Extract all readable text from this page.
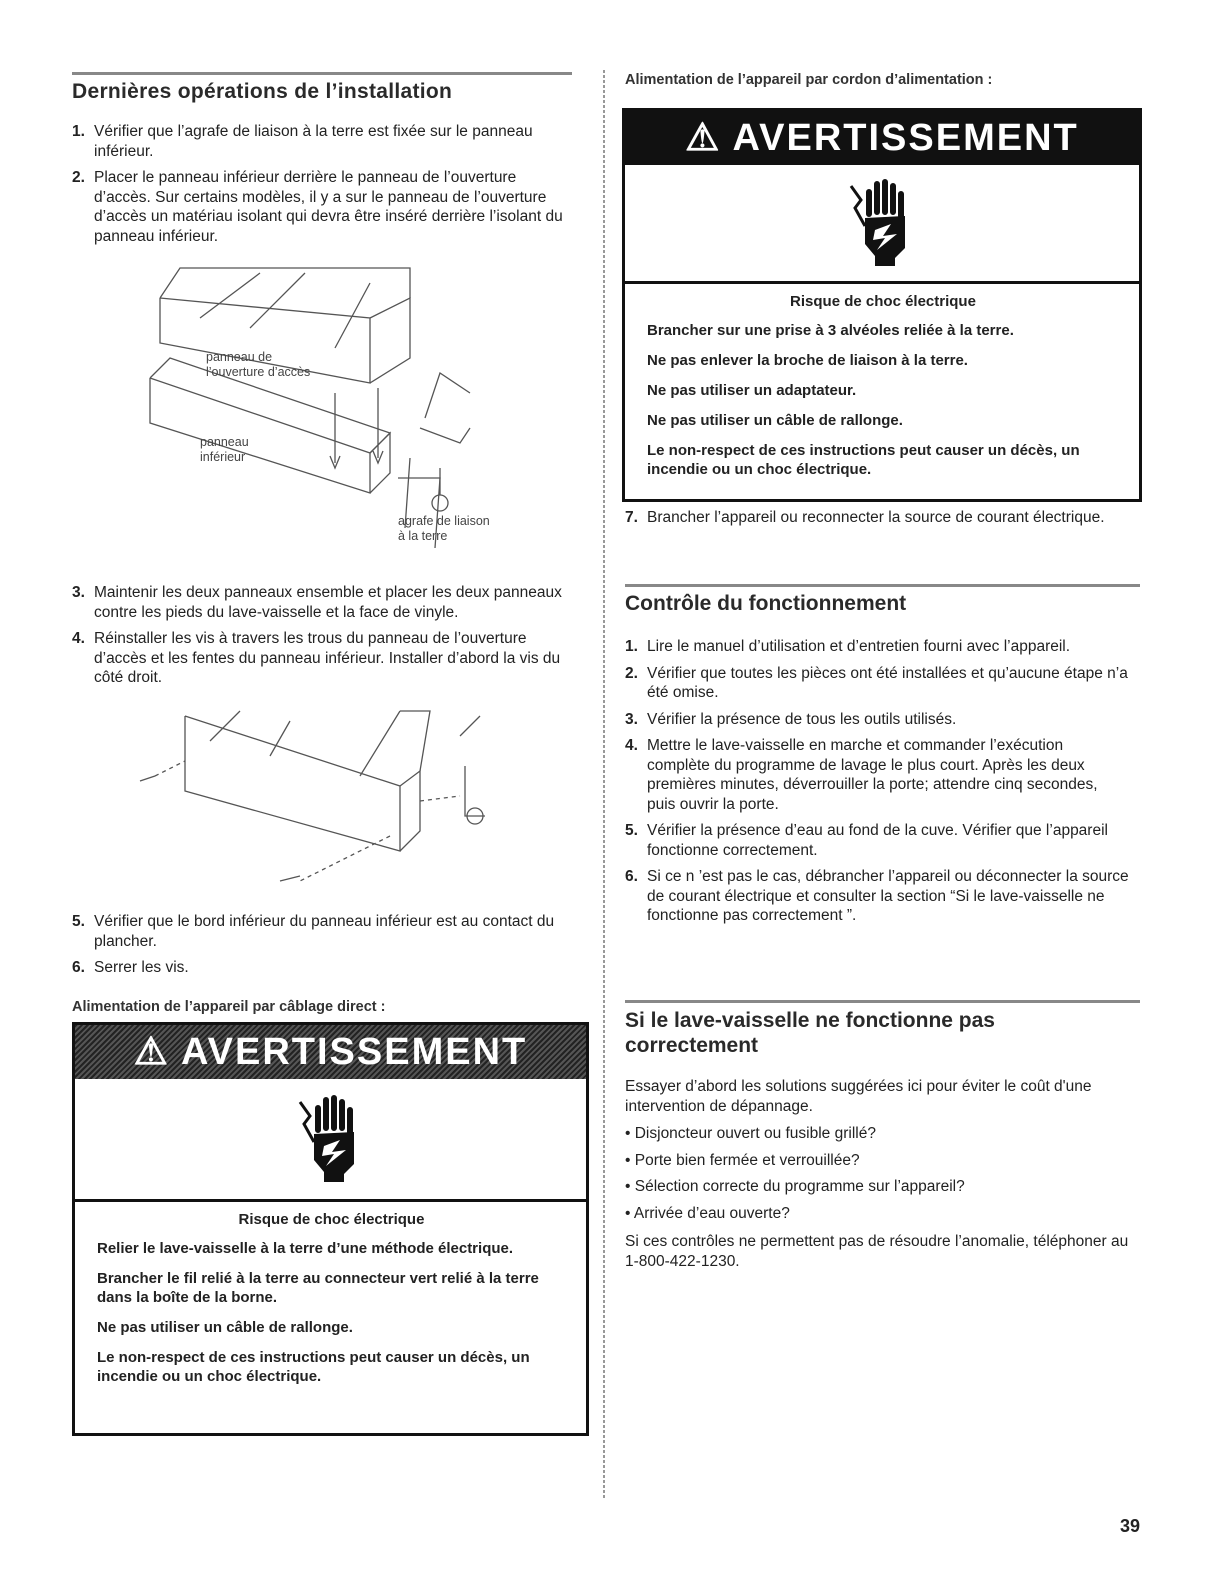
Dernières opérations de l’installation
1. Vérifier que l’agrafe de liaison à la terre est fixée sur le panneau inférieur.
2. Placer le panneau inférieur derrière le panneau de l’ouverture d’accès. Sur certains modèles, il y a sur le panneau de l’ouverture d’accès un matériau isolant qui devra être inséré derrière l’isolant du panneau inférieur.
panneau de
l’ouverture d’accès
panneau
inférieur
agrafe de liaison
à la terre
3. Maintenir les deux panneaux ensemble et placer les deux panneaux contre les pieds du lave-vaisselle et la face de vinyle.
4. Réinstaller les vis à travers les trous du panneau de l’ouverture d’accès et les fentes du panneau inférieur. Installer d’abord la vis du côté droit.
5. Vérifier que le bord inférieur du panneau inférieur est au contact du plancher.
6. Serrer les vis.
Alimentation de l’appareil par câblage direct :
⚠ AVERTISSEMENT
Risque de choc électrique

Relier le lave-vaisselle à la terre d’une méthode électrique.

Brancher le fil relié à la terre au connecteur vert relié à la terre dans la boîte de la borne.

Ne pas utiliser un câble de rallonge.

Le non-respect de ces instructions peut causer un décès, un incendie ou un choc électrique.

Alimentation de l’appareil par cordon d’alimentation :
⚠ AVERTISSEMENT
Risque de choc électrique

Brancher sur une prise à 3 alvéoles reliée à la terre.

Ne pas enlever la broche de liaison à la terre.

Ne pas utiliser un adaptateur.

Ne pas utiliser un câble de rallonge.

Le non-respect de ces instructions peut causer un décès, un incendie ou un choc électrique.

7. Brancher l’appareil ou reconnecter la source de courant électrique.
Contrôle du fonctionnement
1. Lire le manuel d’utilisation et d’entretien fourni avec l’appareil.
2. Vérifier que toutes les pièces ont été installées et qu’aucune étape n’a été omise.
3. Vérifier la présence de tous les outils utilisés.
4. Mettre le lave-vaisselle en marche et commander l’exécution complète du programme de lavage le plus court. Après les deux premières minutes, déverrouiller la porte; attendre cinq secondes, puis ouvrir la porte.
5. Vérifier la présence d’eau au fond de la cuve. Vérifier que l’appareil fonctionne correctement.
6. Si ce n ’est pas le cas, débrancher l’appareil ou déconnecter la source de courant électrique et consulter la section “Si le lave-vaisselle ne fonctionne pas correctement ”.
Si le lave-vaisselle ne fonctionne pas correctement
Essayer d’abord les solutions suggérées ici pour éviter le coût d'une intervention de dépannage.
• Disjoncteur ouvert ou fusible grillé?
• Porte bien fermée et verrouillée?
• Sélection correcte du programme sur l’appareil?
• Arrivée d’eau ouverte?
Si ces contrôles ne permettent pas de résoudre l’anomalie, téléphoner au 1-800-422-1230.
39
